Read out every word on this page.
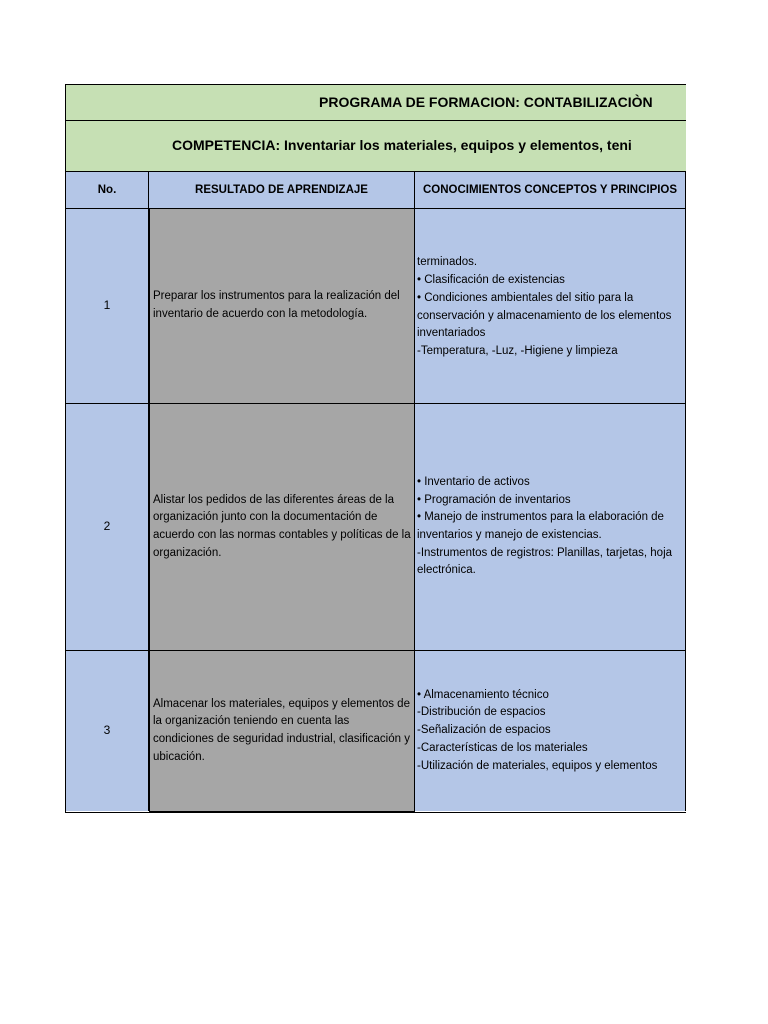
PROGRAMA DE FORMACION: CONTABILIZACIÒN
COMPETENCIA: Inventariar los materiales, equipos y elementos, teni
No.	RESULTADO DE APRENDIZAJE	CONOCIMIENTOS CONCEPTOS Y PRINCIPIOS
1
Preparar los instrumentos para la realización del inventario de acuerdo con la metodología.
terminados.
• Clasificación de existencias
• Condiciones ambientales del sitio para la conservación y almacenamiento de los elementos inventariados
-Temperatura, -Luz, -Higiene y limpieza
2
Alistar los pedidos de las diferentes áreas de la organización junto con la documentación de acuerdo con las normas contables y políticas de la organización.
• Inventario de activos
• Programación de inventarios
• Manejo de instrumentos para la elaboración de inventarios y manejo de existencias.
-Instrumentos de registros: Planillas, tarjetas, hoja electrónica.
3
Almacenar los materiales, equipos y elementos de la organización teniendo en cuenta las condiciones de seguridad industrial, clasificación y ubicación.
• Almacenamiento técnico
-Distribución de espacios
-Señalización de espacios
-Características de los materiales
-Utilización de materiales, equipos y elementos
